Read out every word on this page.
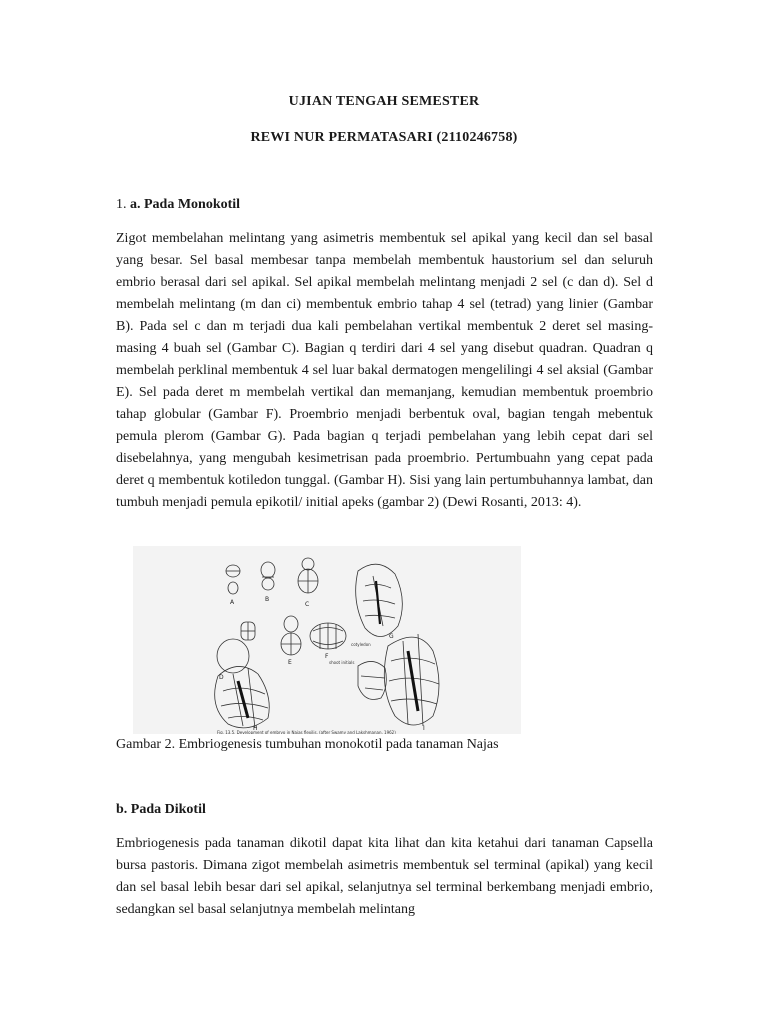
UJIAN TENGAH SEMESTER
REWI NUR PERMATASARI (2110246758)
1. a. Pada Monokotil

Zigot membelahan melintang yang asimetris membentuk sel apikal yang kecil dan sel basal yang besar. Sel basal membesar tanpa membelah membentuk haustorium sel dan seluruh embrio berasal dari sel apikal. Sel apikal membelah melintang menjadi 2 sel (c dan d). Sel d membelah melintang (m dan ci) membentuk embrio tahap 4 sel (tetrad) yang linier (Gambar B). Pada sel c dan m terjadi dua kali pembelahan vertikal membentuk 2 deret sel masing- masing 4 buah sel (Gambar C). Bagian q terdiri dari 4 sel yang disebut quadran. Quadran q membelah perklinal membentuk 4 sel luar bakal dermatogen mengelilingi 4 sel aksial (Gambar E). Sel pada deret m membelah vertikal dan memanjang, kemudian membentuk proembrio tahap globular (Gambar F). Proembrio menjadi berbentuk oval, bagian tengah mebentuk pemula plerom (Gambar G). Pada bagian q terjadi pembelahan yang lebih cepat dari sel disebelahnya, yang mengubah kesimetrisan pada proembrio. Pertumbuahn yang cepat pada deret q membentuk kotiledon tunggal. (Gambar H). Sisi yang lain pertumbuhannya lambat, dan tumbuh menjadi pemula epikotil/ initial apeks (gambar 2) (Dewi Rosanti, 2013: 4).

A	B
C
D
E
F
G
H	I
cotyledon
shoot initials
Fig. 13.5. Development of embryo in Najas flexilis. (after Swamy and Lakshmanan, 1962)
Gambar 2. Embriogenesis tumbuhan monokotil pada tanaman Najas
b. Pada Dikotil

Embriogenesis pada tanaman dikotil dapat kita lihat dan kita ketahui dari tanaman Capsella bursa pastoris. Dimana zigot membelah asimetris membentuk sel terminal (apikal) yang kecil dan sel basal lebih besar dari sel apikal, selanjutnya sel terminal berkembang menjadi embrio, sedangkan sel basal selanjutnya membelah melintang
